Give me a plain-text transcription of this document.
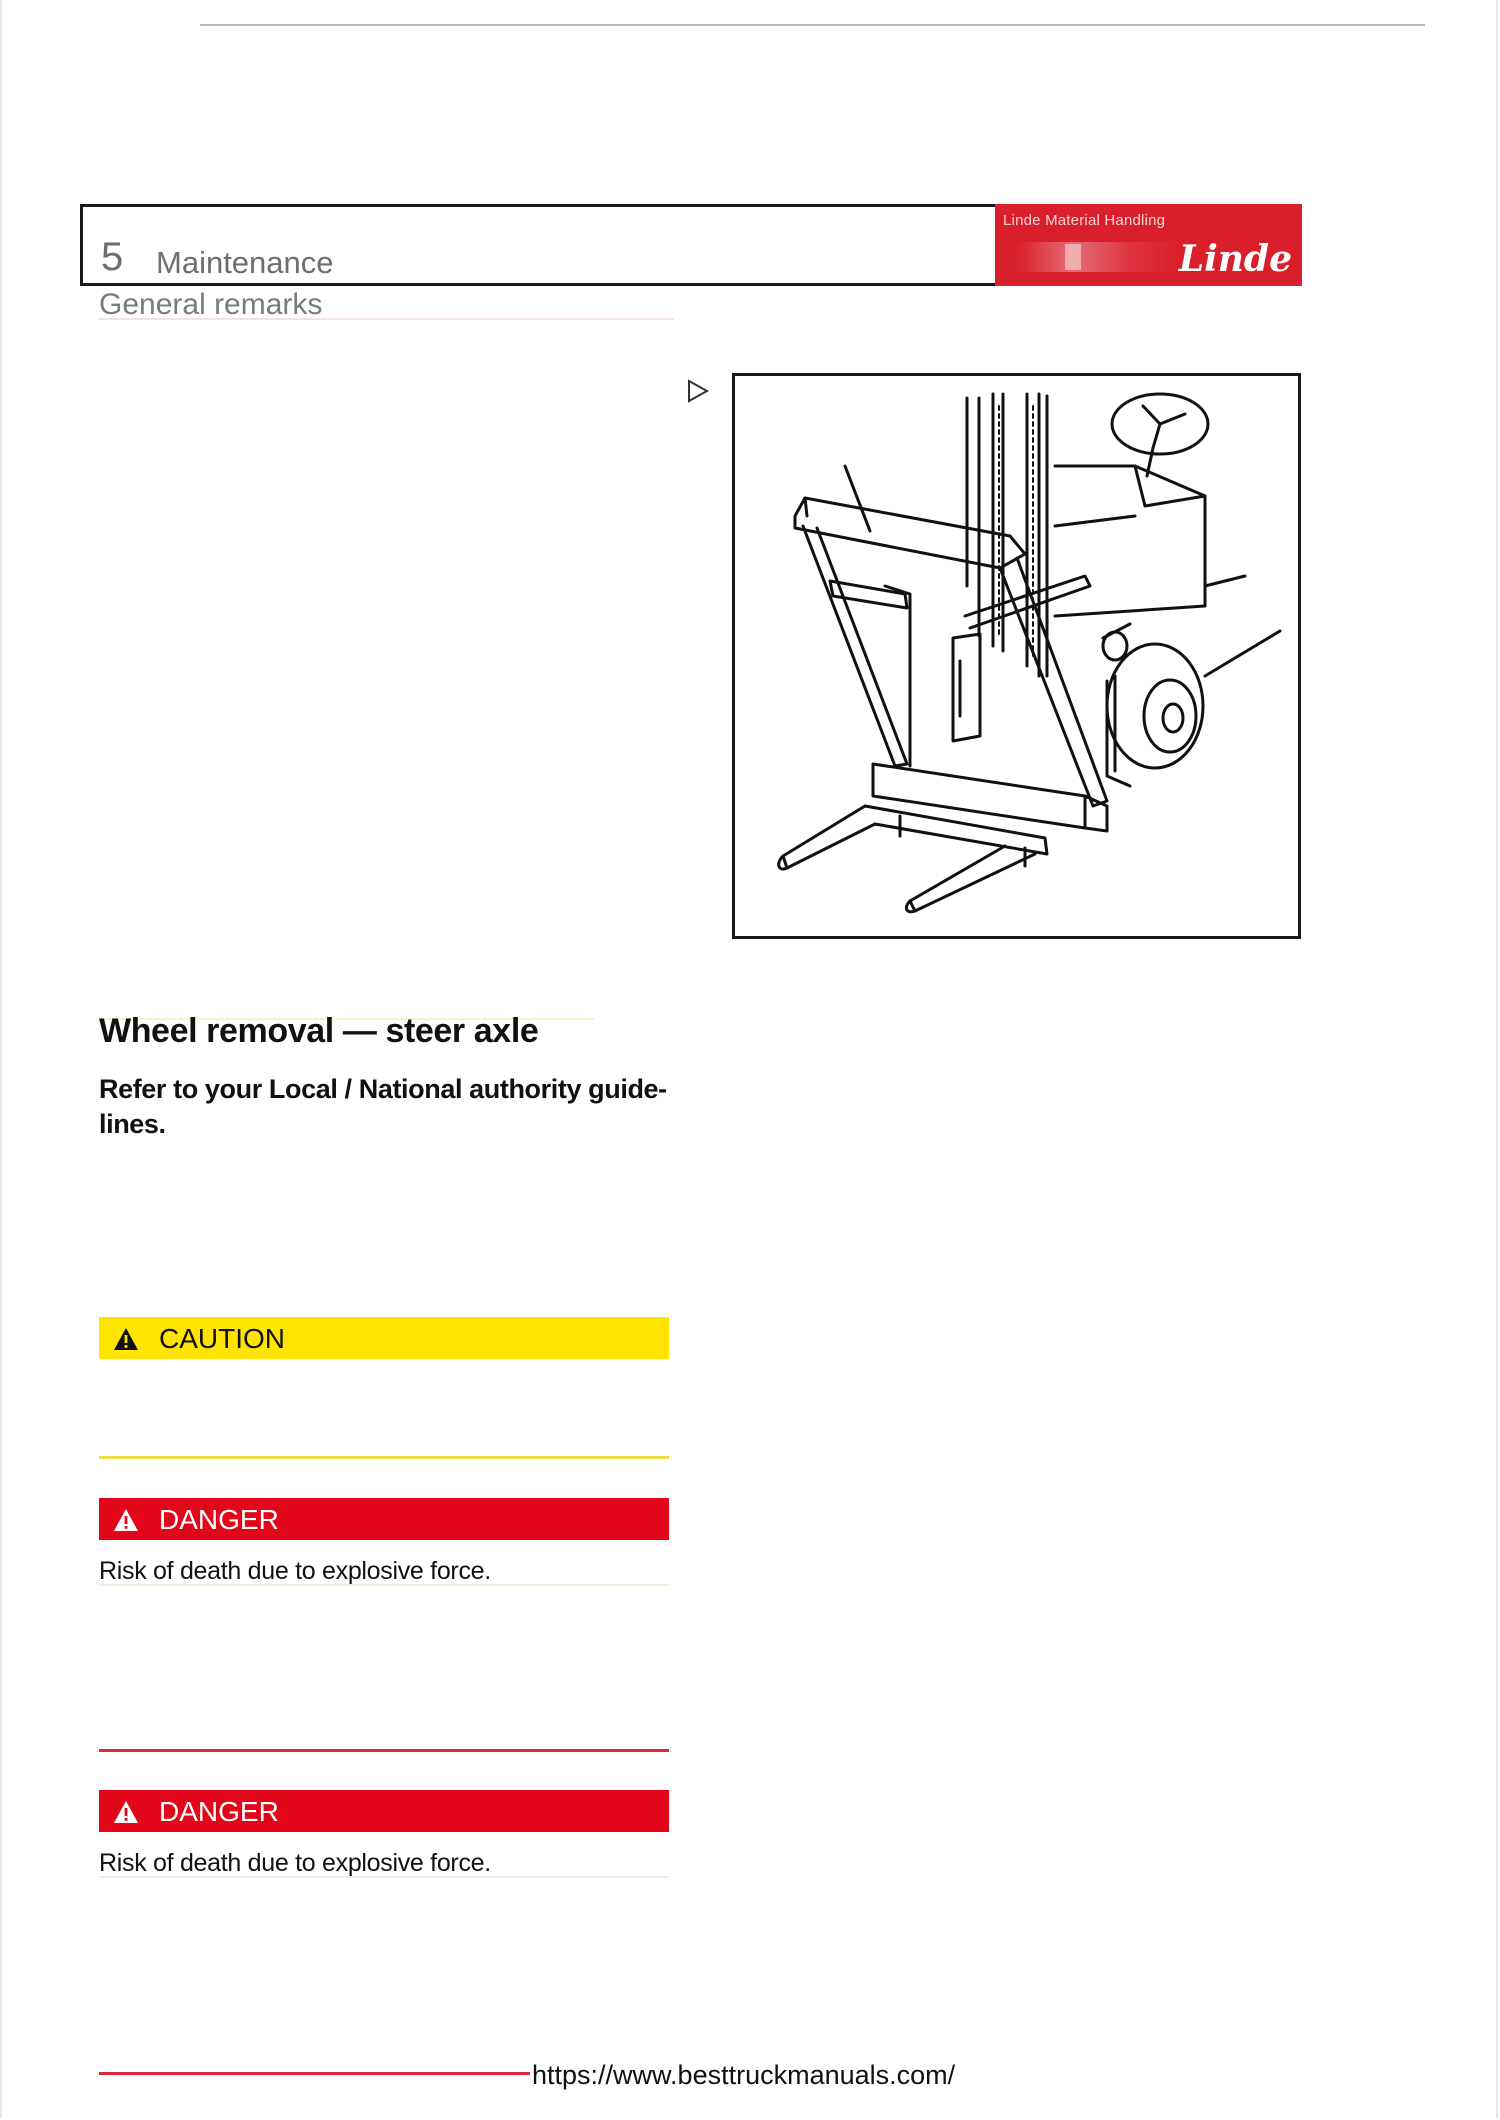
5 Maintenance
Linde Material Handling
Linde
General remarks
Wheel removal — steer axle
Refer to your Local / National authority guide-lines.
CAUTION
DANGER
Risk of death due to explosive force.
DANGER
Risk of death due to explosive force.
https://www.besttruckmanuals.com/
